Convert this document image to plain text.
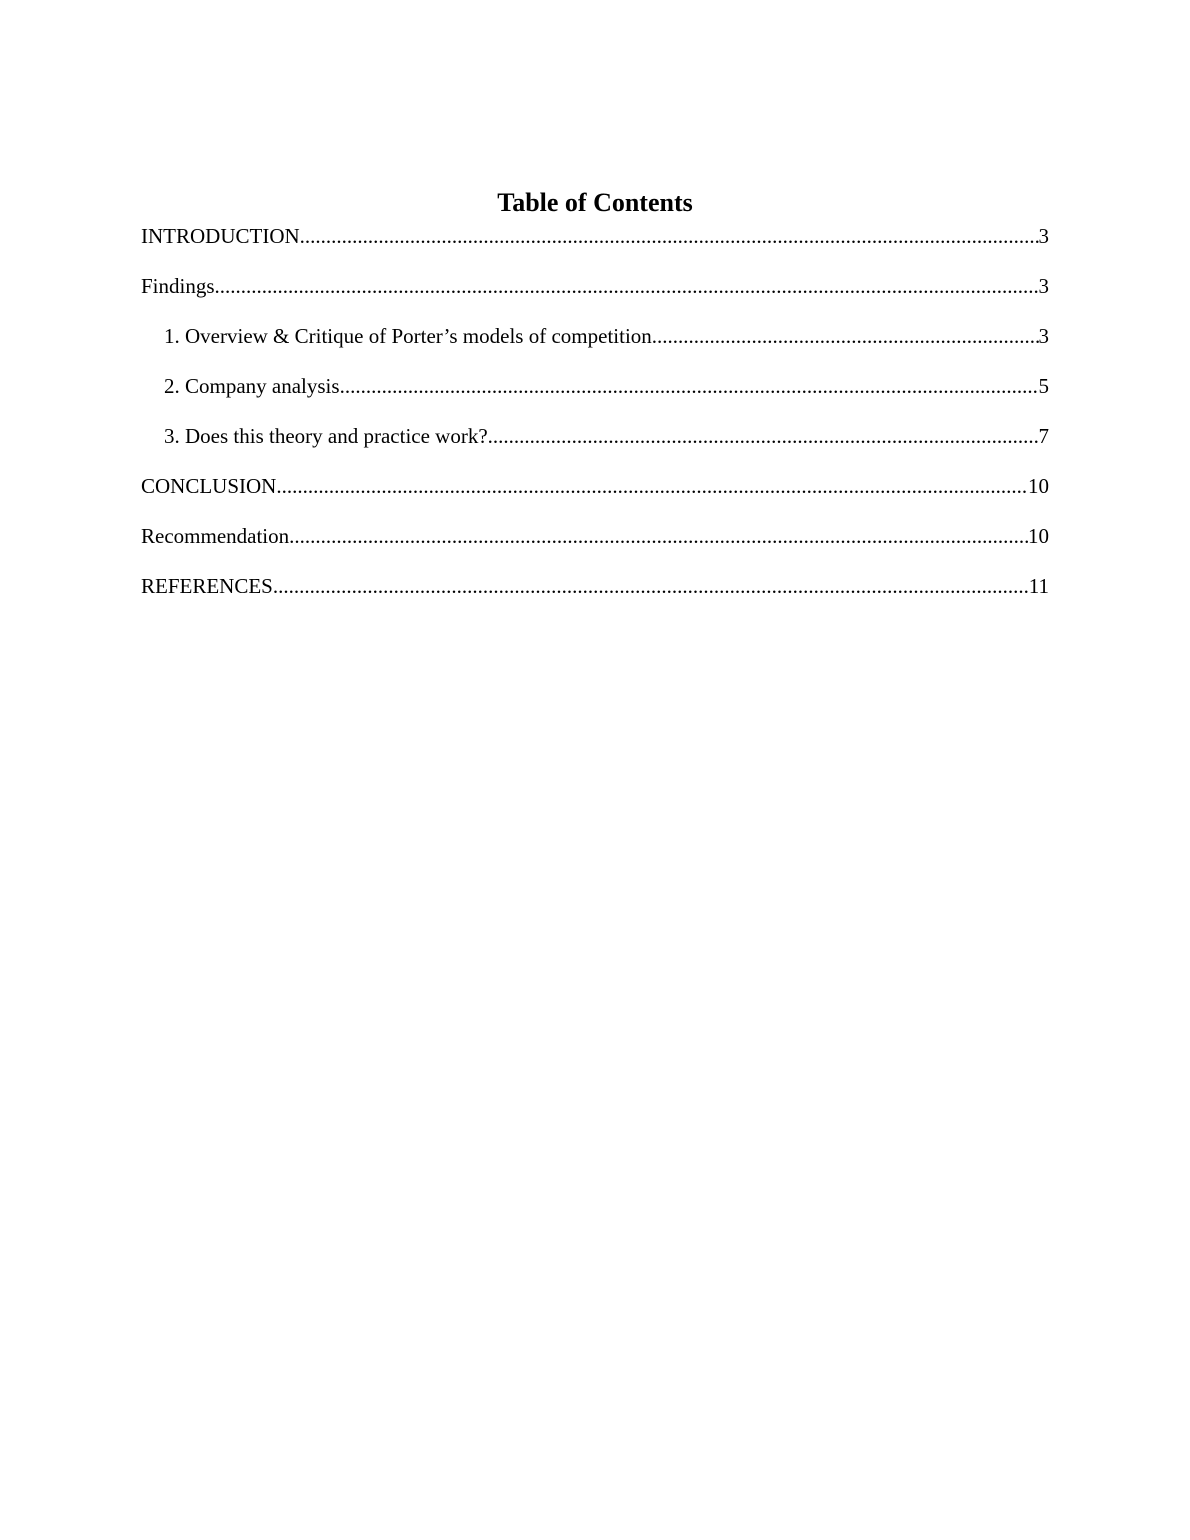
Table of Contents
INTRODUCTION .....	3
Findings .....	3
1. Overview & Critique of Porter’s models of competition .....	3
2. Company analysis .....	5
3. Does this theory and practice work? .....	7
CONCLUSION .....	10
Recommendation .....	10
REFERENCES .....	11
